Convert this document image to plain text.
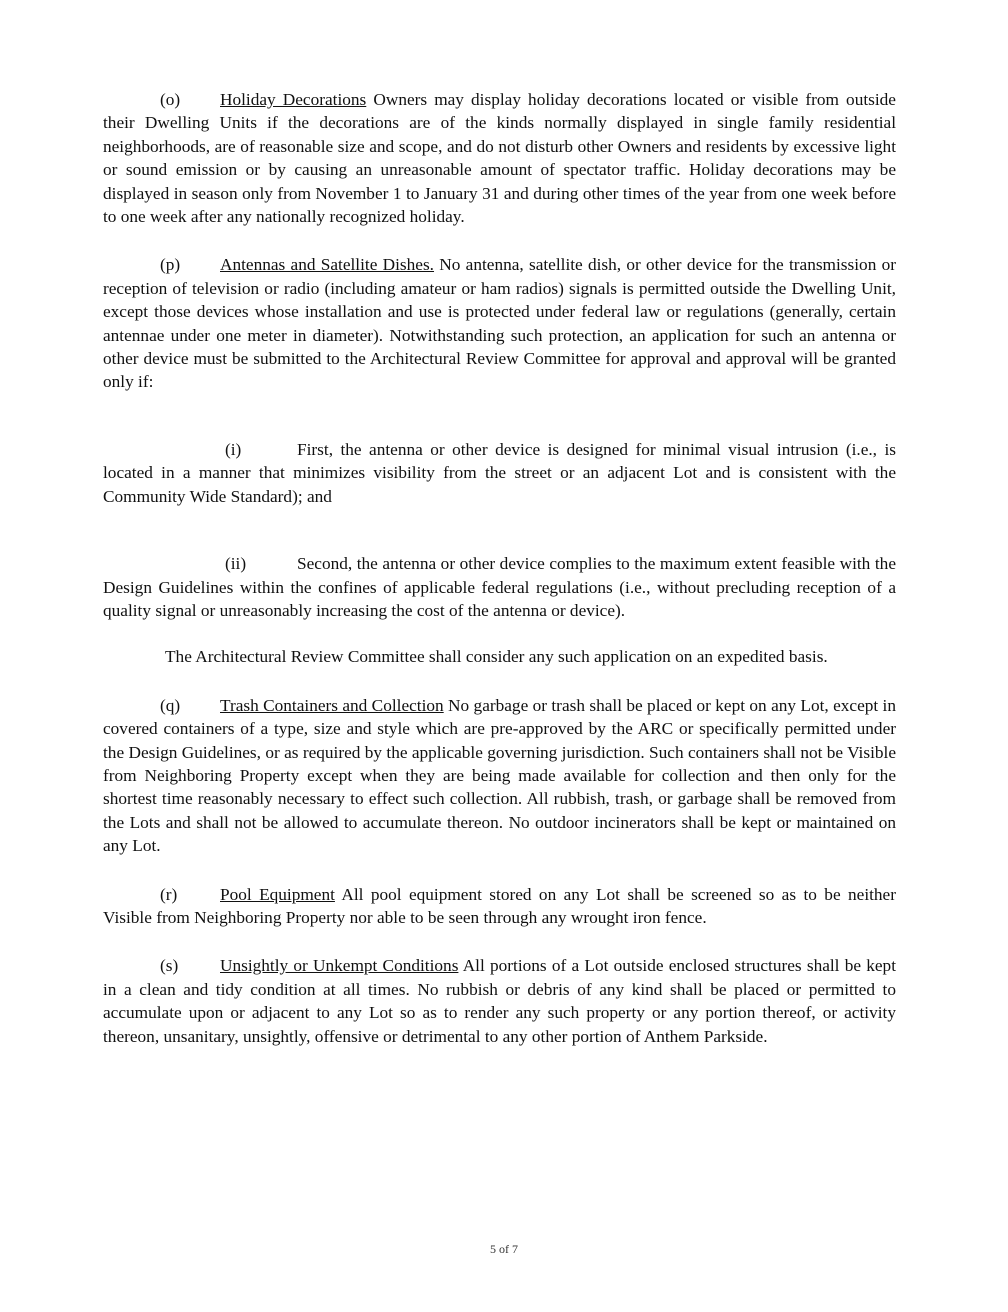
(o) Holiday Decorations Owners may display holiday decorations located or visible from outside their Dwelling Units if the decorations are of the kinds normally displayed in single family residential neighborhoods, are of reasonable size and scope, and do not disturb other Owners and residents by excessive light or sound emission or by causing an unreasonable amount of spectator traffic. Holiday decorations may be displayed in season only from November 1 to January 31 and during other times of the year from one week before to one week after any nationally recognized holiday.

(p) Antennas and Satellite Dishes. No antenna, satellite dish, or other device for the transmission or reception of television or radio (including amateur or ham radios) signals is permitted outside the Dwelling Unit, except those devices whose installation and use is protected under federal law or regulations (generally, certain antennae under one meter in diameter). Notwithstanding such protection, an application for such an antenna or other device must be submitted to the Architectural Review Committee for approval and approval will be granted only if:

(i)	First, the antenna or other device is designed for minimal visual intrusion (i.e., is located in a manner that minimizes visibility from the street or an adjacent Lot and is consistent with the Community Wide Standard); and

(ii)	Second, the antenna or other device complies to the maximum extent feasible with the Design Guidelines within the confines of applicable federal regulations (i.e., without precluding reception of a quality signal or unreasonably increasing the cost of the antenna or device).

The Architectural Review Committee shall consider any such application on an expedited basis.

(q) Trash Containers and Collection No garbage or trash shall be placed or kept on any Lot, except in covered containers of a type, size and style which are pre-approved by the ARC or specifically permitted under the Design Guidelines, or as required by the applicable governing jurisdiction. Such containers shall not be Visible from Neighboring Property except when they are being made available for collection and then only for the shortest time reasonably necessary to effect such collection. All rubbish, trash, or garbage shall be removed from the Lots and shall not be allowed to accumulate thereon. No outdoor incinerators shall be kept or maintained on any Lot.

(r) Pool Equipment All pool equipment stored on any Lot shall be screened so as to be neither Visible from Neighboring Property nor able to be seen through any wrought iron fence.

(s) Unsightly or Unkempt Conditions All portions of a Lot outside enclosed structures shall be kept in a clean and tidy condition at all times. No rubbish or debris of any kind shall be placed or permitted to accumulate upon or adjacent to any Lot so as to render any such property or any portion thereof, or activity thereon, unsanitary, unsightly, offensive or detrimental to any other portion of Anthem Parkside.

5 of 7
